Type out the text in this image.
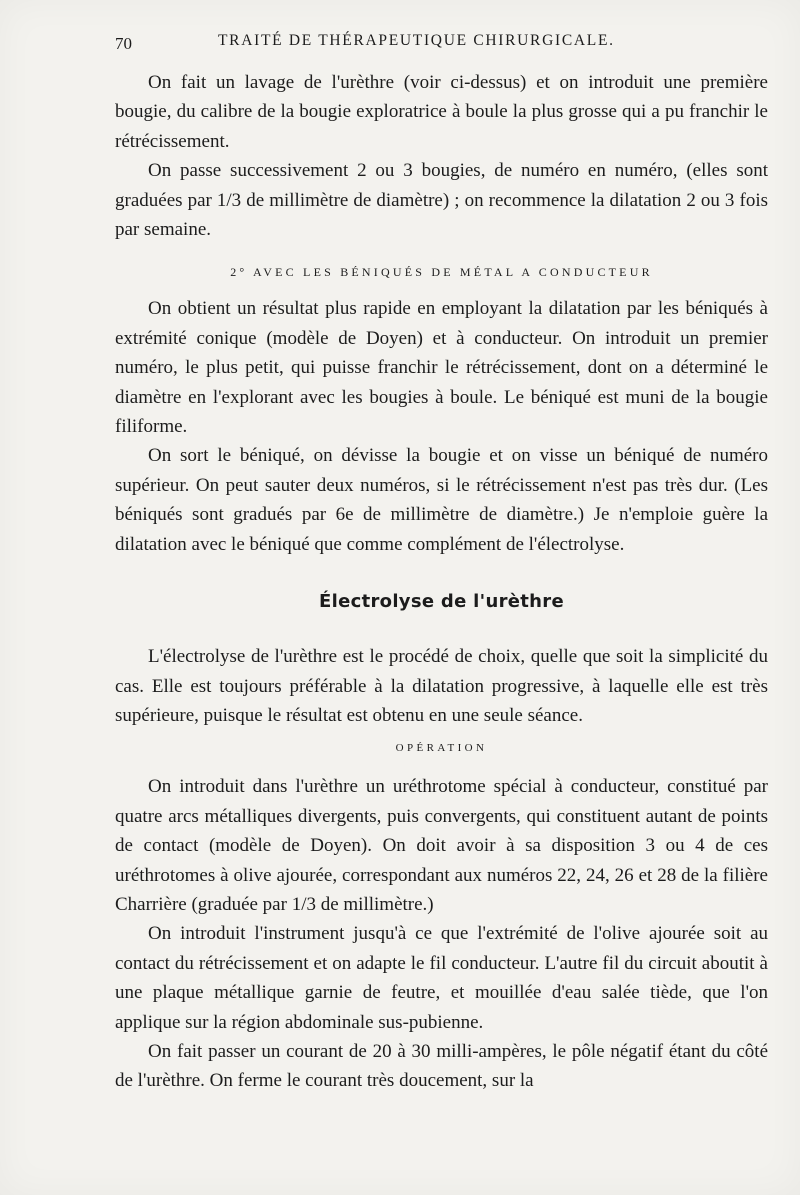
70	TRAITÉ DE THÉRAPEUTIQUE CHIRURGICALE.

On fait un lavage de l'urèthre (voir ci-dessus) et on introduit une première bougie, du calibre de la bougie exploratrice à boule la plus grosse qui a pu franchir le rétrécissement.

On passe successivement 2 ou 3 bougies, de numéro en numéro, (elles sont graduées par 1/3 de millimètre de diamètre) ; on recommence la dilatation 2 ou 3 fois par semaine.

2° AVEC LES BÉNIQUÉS DE MÉTAL A CONDUCTEUR

On obtient un résultat plus rapide en employant la dilatation par les béniqués à extrémité conique (modèle de Doyen) et à conducteur. On introduit un premier numéro, le plus petit, qui puisse franchir le rétrécissement, dont on a déterminé le diamètre en l'explorant avec les bougies à boule. Le béniqué est muni de la bougie filiforme.

On sort le béniqué, on dévisse la bougie et on visse un béniqué de numéro supérieur. On peut sauter deux numéros, si le rétrécissement n'est pas très dur. (Les béniqués sont gradués par 6e de millimètre de diamètre.) Je n'emploie guère la dilatation avec le béniqué que comme complément de l'électrolyse.

Électrolyse de l'urèthre

L'électrolyse de l'urèthre est le procédé de choix, quelle que soit la simplicité du cas. Elle est toujours préférable à la dilatation progressive, à laquelle elle est très supérieure, puisque le résultat est obtenu en une seule séance.

OPÉRATION

On introduit dans l'urèthre un uréthrotome spécial à conducteur, constitué par quatre arcs métalliques divergents, puis convergents, qui constituent autant de points de contact (modèle de Doyen). On doit avoir à sa disposition 3 ou 4 de ces uréthrotomes à olive ajourée, correspondant aux numéros 22, 24, 26 et 28 de la filière Charrière (graduée par 1/3 de millimètre.)

On introduit l'instrument jusqu'à ce que l'extrémité de l'olive ajourée soit au contact du rétrécissement et on adapte le fil conducteur. L'autre fil du circuit aboutit à une plaque métallique garnie de feutre, et mouillée d'eau salée tiède, que l'on applique sur la région abdominale sus-pubienne.

On fait passer un courant de 20 à 30 milli-ampères, le pôle négatif étant du côté de l'urèthre. On ferme le courant très doucement, sur la
